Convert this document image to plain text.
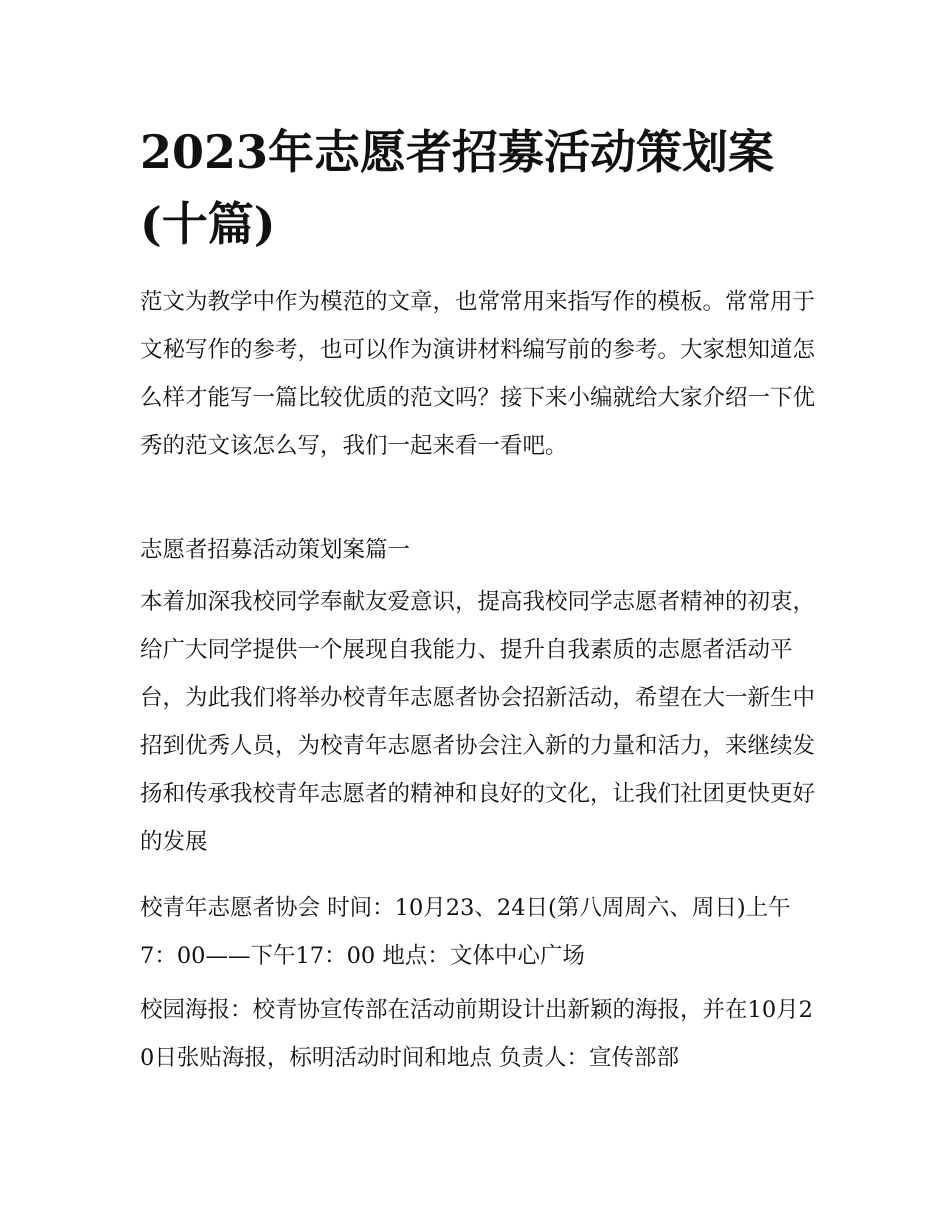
2023年志愿者招募活动策划案(十篇)

范文为教学中作为模范的文章，也常常用来指写作的模板。常常用于文秘写作的参考，也可以作为演讲材料编写前的参考。大家想知道怎么样才能写一篇比较优质的范文吗？接下来小编就给大家介绍一下优秀的范文该怎么写，我们一起来看一看吧。

志愿者招募活动策划案篇一

本着加深我校同学奉献友爱意识，提高我校同学志愿者精神的初衷，给广大同学提供一个展现自我能力、提升自我素质的志愿者活动平台，为此我们将举办校青年志愿者协会招新活动，希望在大一新生中招到优秀人员，为校青年志愿者协会注入新的力量和活力，来继续发扬和传承我校青年志愿者的精神和良好的文化，让我们社团更快更好的发展

校青年志愿者协会 时间：10月23、24日(第八周周六、周日)上午7：00——下午17：00 地点：文体中心广场

校园海报：校青协宣传部在活动前期设计出新颖的海报，并在10月20日张贴海报，标明活动时间和地点 负责人：宣传部部
